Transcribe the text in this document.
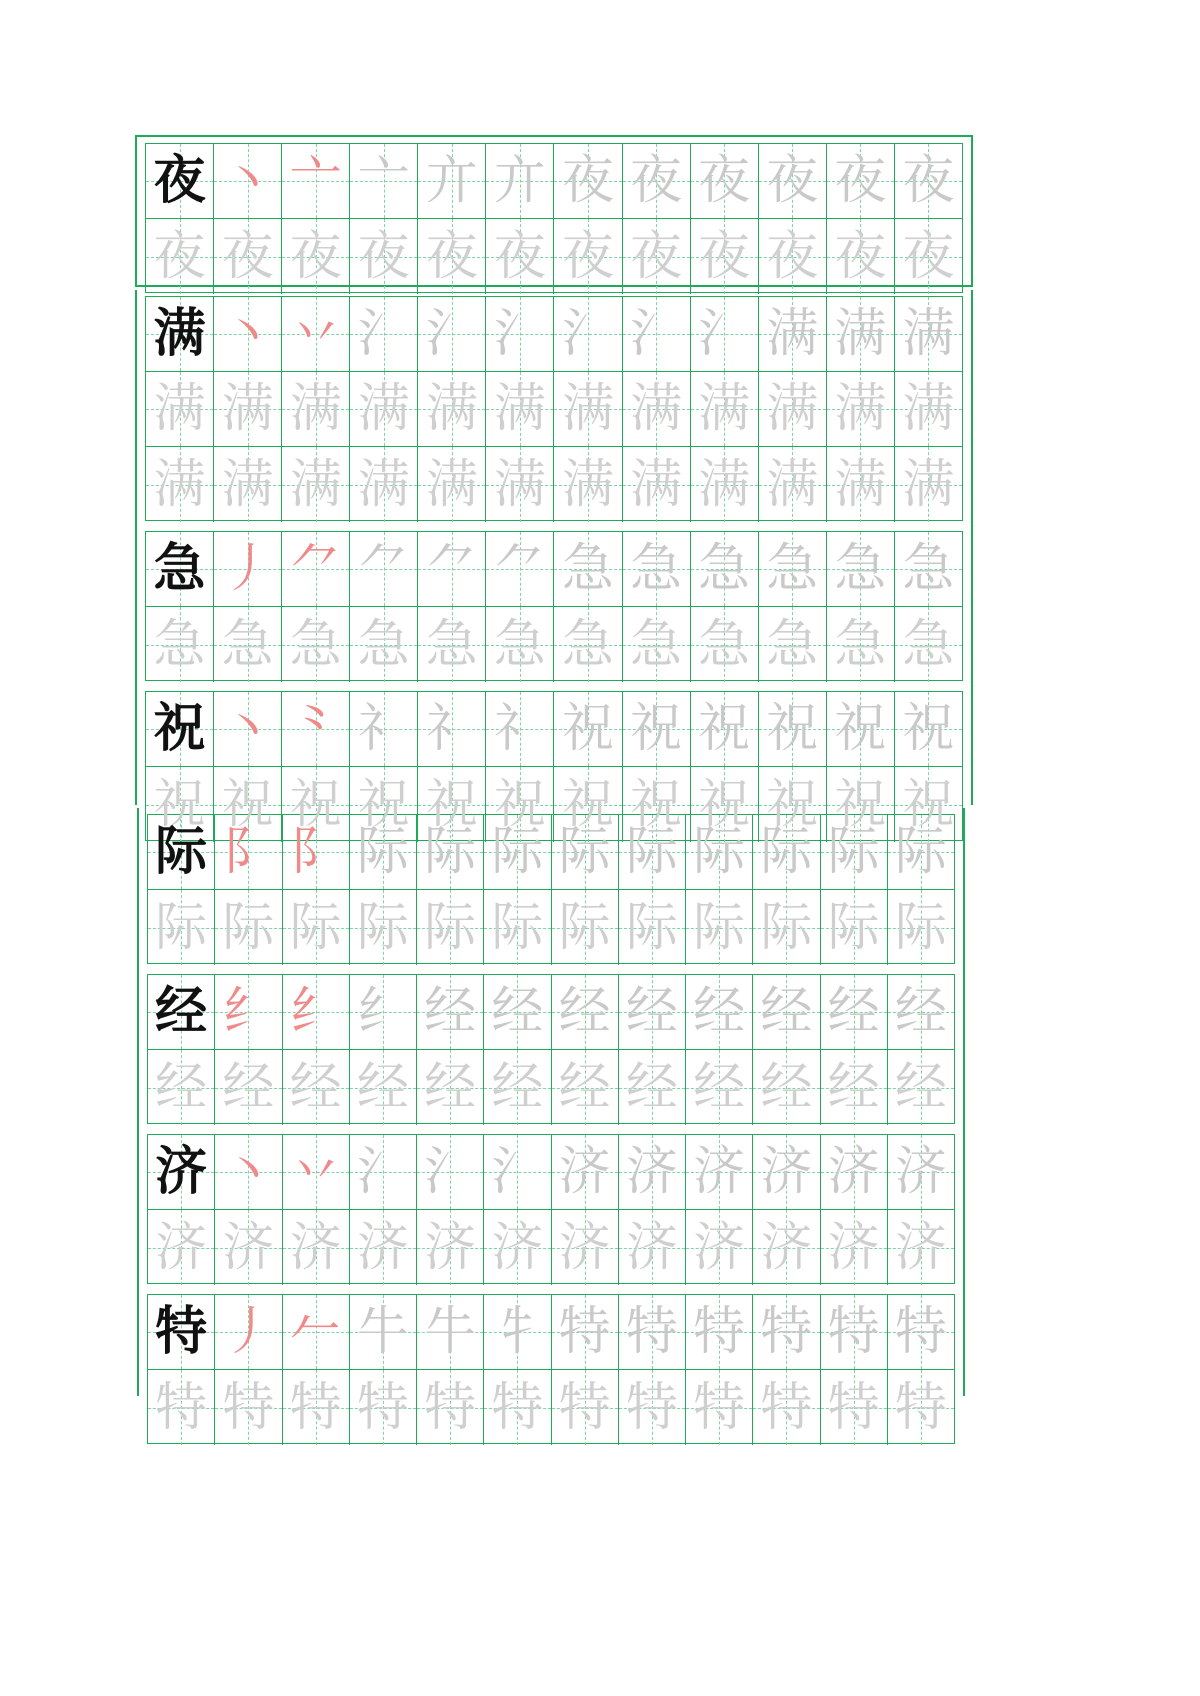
夜 丶 亠 亠 亣 亣 夜 夜 夜 夜 夜 夜
夜 夜 夜 夜 夜 夜 夜 夜 夜 夜 夜 夜
满 丶 丷 氵 氵 氵 氵 氵 氵 满 满 满
满 满 满 满 满 满 满 满 满 满 满 满
满 满 满 满 满 满 满 满 满 满 满 满
急 丿 ⺈ ⺈ ⺈ ⺈ 急 急 急 急 急 急
急 急 急 急 急 急 急 急 急 急 急 急
祝 丶 ⺀ 礻 礻 礻 祝 祝 祝 祝 祝 祝
祝 祝 祝 祝 祝 祝 祝 祝 祝 祝 祝 祝
际 阝 阝 际 际 际 际 际 际 际 际 际
际 际 际 际 际 际 际 际 际 际 际 际
经 纟 纟 纟 经 经 经 经 经 经 经 经
经 经 经 经 经 经 经 经 经 经 经 经
济 丶 丷 氵 氵 氵 济 济 济 济 济 济
济 济 济 济 济 济 济 济 济 济 济 济
特 丿 𠂉 牛 牛 牜 特 特 特 特 特 特
特 特 特 特 特 特 特 特 特 特 特 特
